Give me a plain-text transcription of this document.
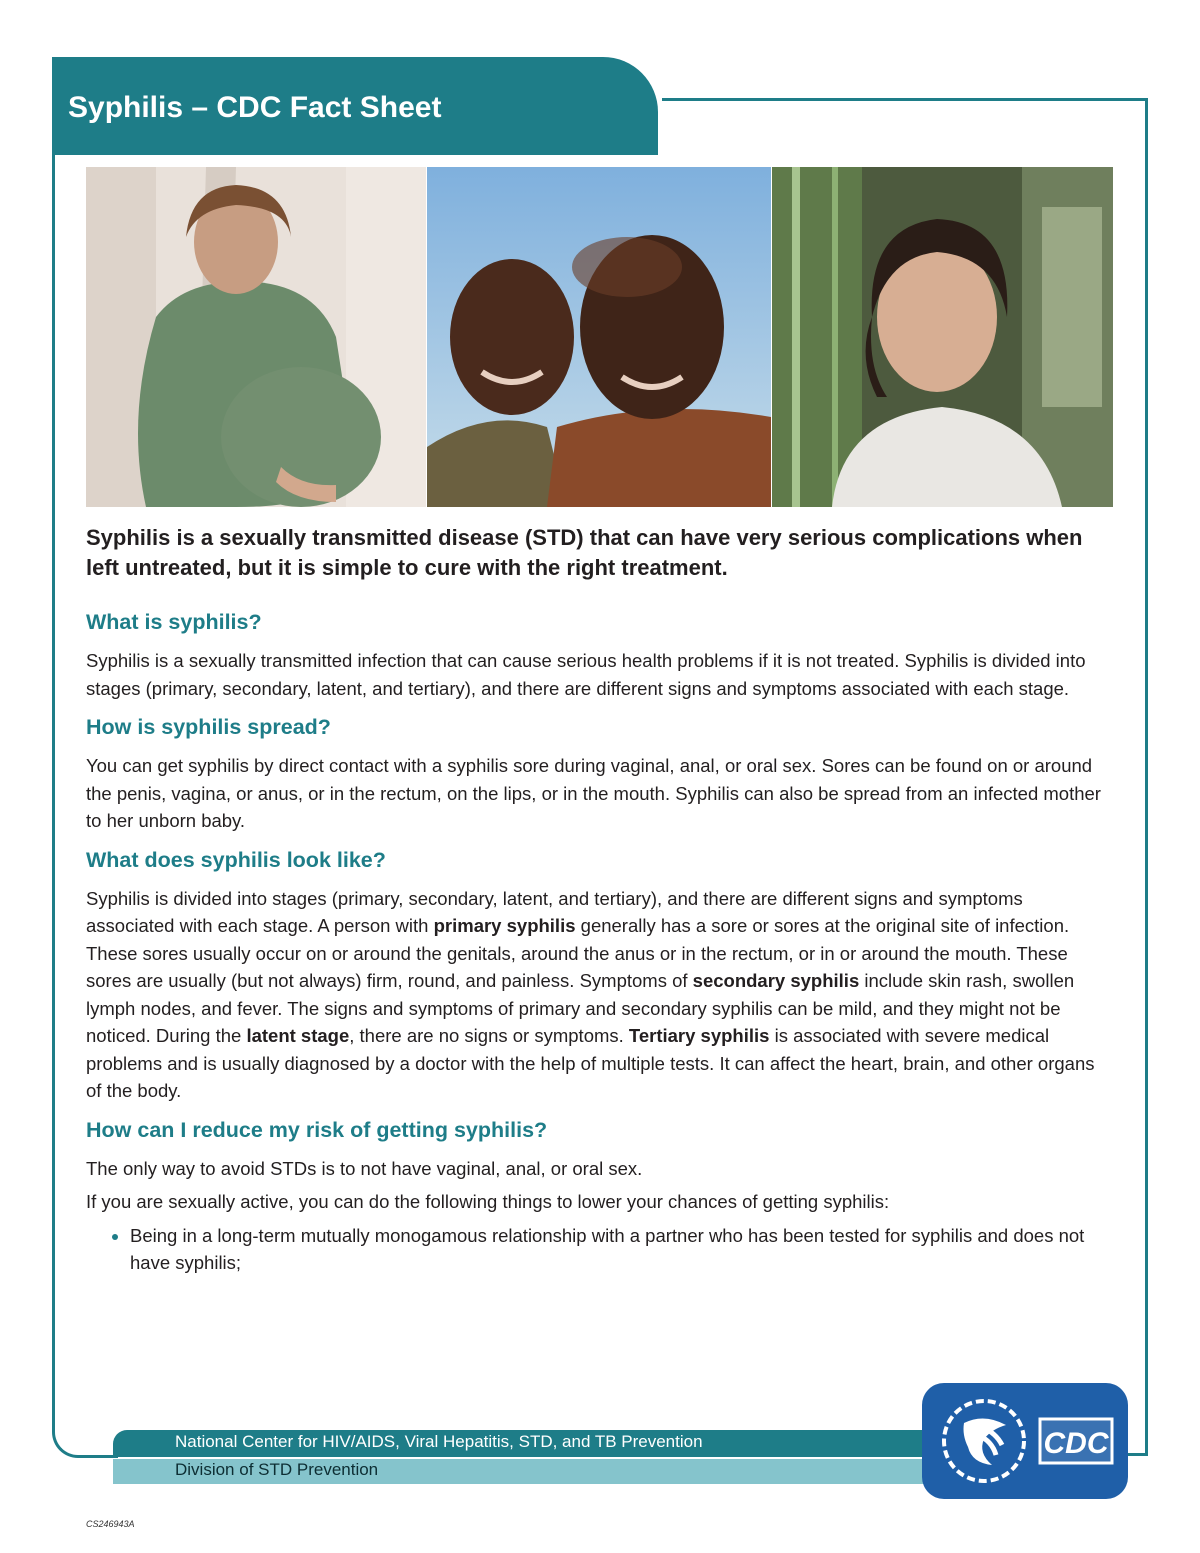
Syphilis – CDC Fact Sheet
Syphilis is a sexually transmitted disease (STD) that can have very serious complications when left untreated, but it is simple to cure with the right treatment.
What is syphilis?

Syphilis is a sexually transmitted infection that can cause serious health problems if it is not treated. Syphilis is divided into stages (primary, secondary, latent, and tertiary), and there are different signs and symptoms associated with each stage.

How is syphilis spread?

You can get syphilis by direct contact with a syphilis sore during vaginal, anal, or oral sex. Sores can be found on or around the penis, vagina, or anus, or in the rectum, on the lips, or in the mouth. Syphilis can also be spread from an infected mother to her unborn baby.

What does syphilis look like?

Syphilis is divided into stages (primary, secondary, latent, and tertiary), and there are different signs and symptoms associated with each stage. A person with primary syphilis generally has a sore or sores at the original site of infection. These sores usually occur on or around the genitals, around the anus or in the rectum, or in or around the mouth. These sores are usually (but not always) firm, round, and painless. Symptoms of secondary syphilis include skin rash, swollen lymph nodes, and fever. The signs and symptoms of primary and secondary syphilis can be mild, and they might not be noticed. During the latent stage, there are no signs or symptoms. Tertiary syphilis is associated with severe medical problems and is usually diagnosed by a doctor with the help of multiple tests. It can affect the heart, brain, and other organs of the body.

How can I reduce my risk of getting syphilis?

The only way to avoid STDs is to not have vaginal, anal, or oral sex.

If you are sexually active, you can do the following things to lower your chances of getting syphilis:

• Being in a long-term mutually monogamous relationship with a partner who has been tested for syphilis and does not have syphilis;
National Center for HIV/AIDS, Viral Hepatitis, STD, and TB Prevention
Division of STD Prevention
CDC
CS246943A
